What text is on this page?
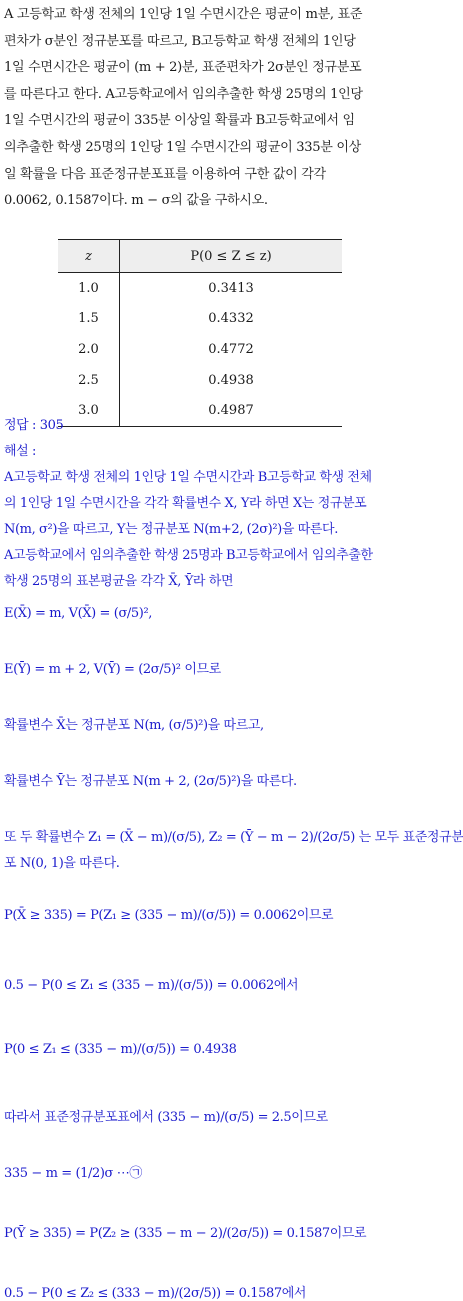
A 고등학교 학생 전체의 1인당 1일 수면시간은 평균이 m분, 표준

편차가 σ분인 정규분포를 따르고, B고등학교 학생 전체의 1인당

1일 수면시간은 평균이 (m + 2)분, 표준편차가 2σ분인 정규분포

를 따른다고 한다. A고등학교에서 임의추출한 학생 25명의 1인당

1일 수면시간의 평균이 335분 이상일 확률과 B고등학교에서 임

의추출한 학생 25명의 1인당 1일 수면시간의 평균이 335분 이상

일 확률을 다음 표준정규분포표를 이용하여 구한 값이 각각

0.0062, 0.1587이다. m − σ의 값을 구하시오.

z	P(0 ≤ Z ≤ z)
1.0	0.3413
1.5	0.4332
2.0	0.4772
2.5	0.4938
3.0	0.4987
정답 : 305
해설 :
A고등학교 학생 전체의 1인당 1일 수면시간과 B고등학교 학생 전체
의 1인당 1일 수면시간을 각각 확률변수 X, Y라 하면 X는 정규분포
N(m, σ²)을 따르고, Y는 정규분포 N(m+2, (2σ)²)을 따른다.
A고등학교에서 임의추출한 학생 25명과 B고등학교에서 임의추출한
학생 25명의 표본평균을 각각 X̄, Ȳ라 하면
E(X̄) = m, V(X̄) = (σ/5)²,
E(Ȳ) = m + 2, V(Ȳ) = (2σ/5)² 이므로
확률변수 X̄는 정규분포 N(m, (σ/5)²)을 따르고,
확률변수 Ȳ는 정규분포 N(m + 2, (2σ/5)²)을 따른다.
또 두 확률변수 Z₁ = (X̄ − m)/(σ/5), Z₂ = (Ȳ − m − 2)/(2σ/5) 는 모두 표준정규분
포 N(0, 1)을 따른다.
P(X̄ ≥ 335) = P(Z₁ ≥ (335 − m)/(σ/5)) = 0.0062이므로
0.5 − P(0 ≤ Z₁ ≤ (335 − m)/(σ/5)) = 0.0062에서
P(0 ≤ Z₁ ≤ (335 − m)/(σ/5)) = 0.4938
따라서 표준정규분포표에서 (335 − m)/(σ/5) = 2.5이므로
335 − m = (1/2)σ ⋯㉠
P(Ȳ ≥ 335) = P(Z₂ ≥ (335 − m − 2)/(2σ/5)) = 0.1587이므로
0.5 − P(0 ≤ Z₂ ≤ (333 − m)/(2σ/5)) = 0.1587에서
